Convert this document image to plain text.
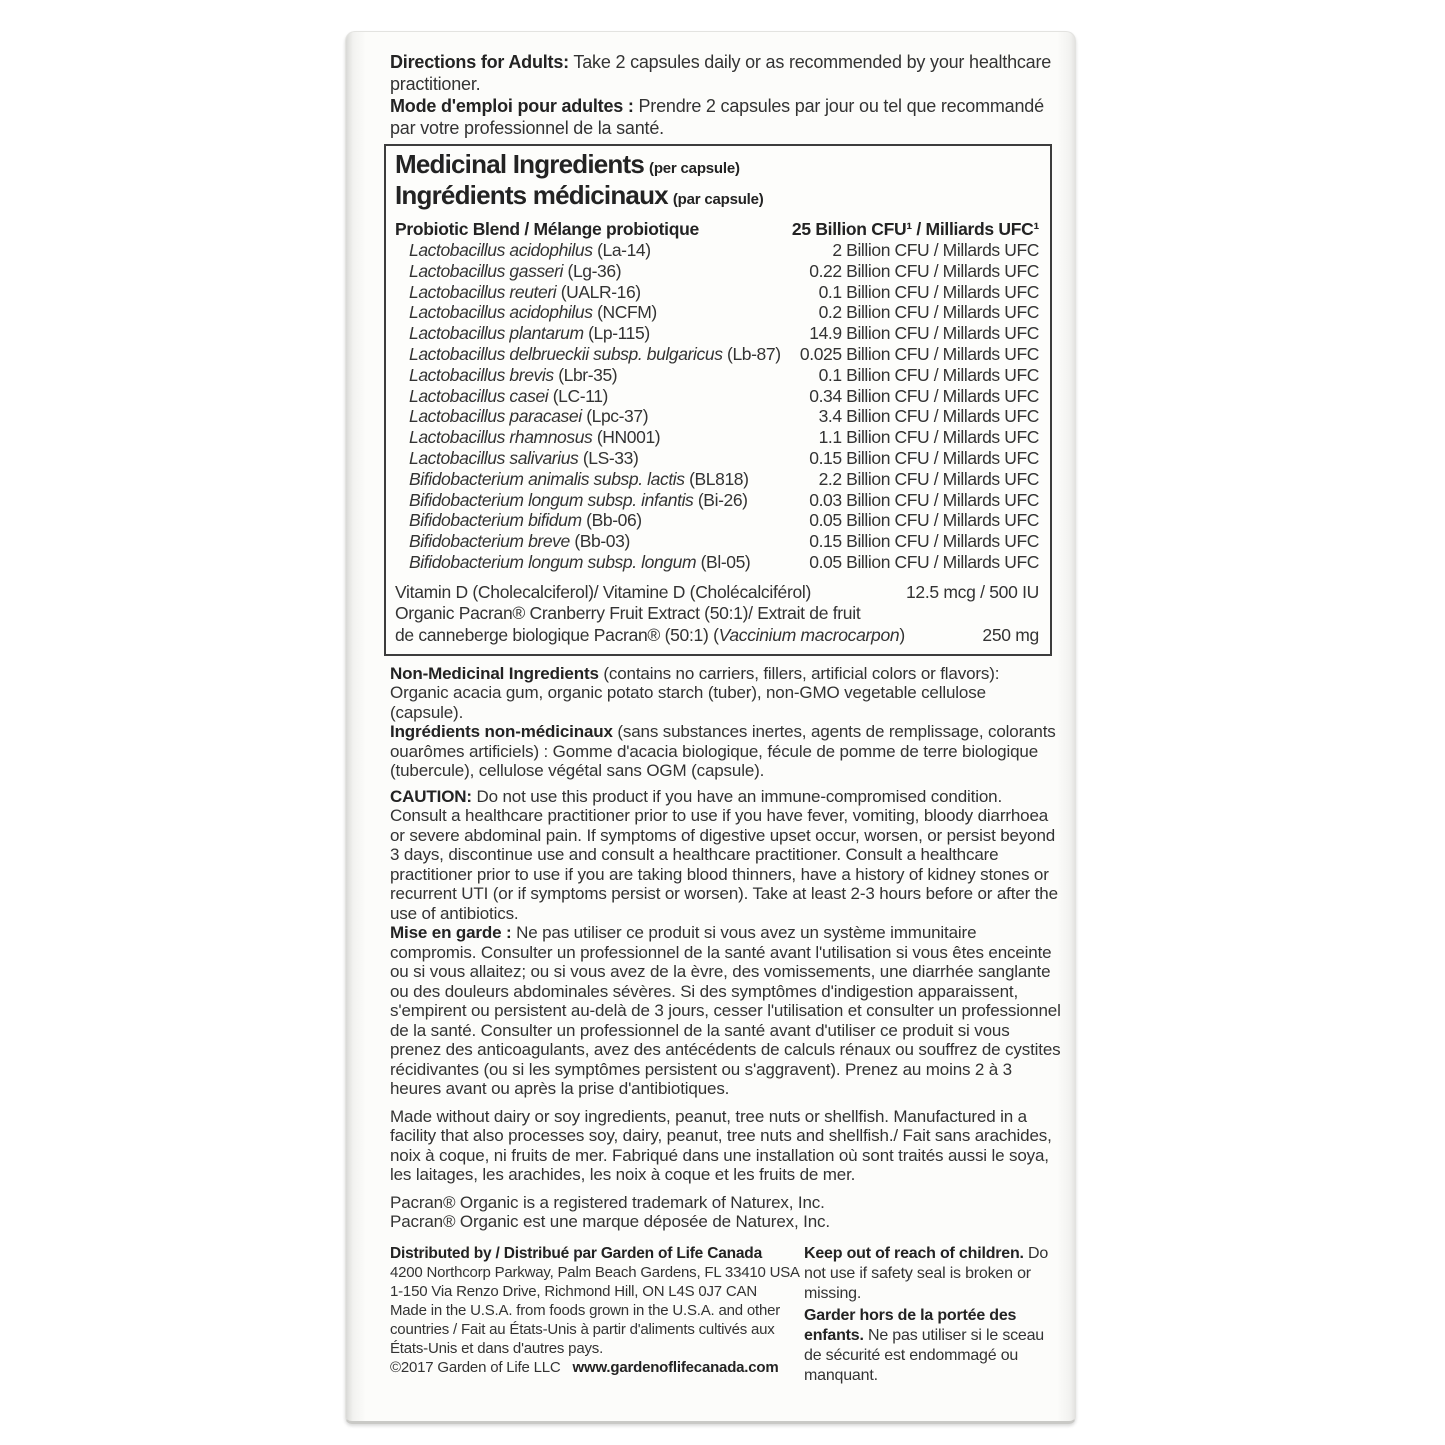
Directions for Adults: Take 2 capsules daily or as recommended by your healthcare practitioner.

Mode d'emploi pour adultes : Prendre 2 capsules par jour ou tel que recommandé par votre professionnel de la santé.

Medicinal Ingredients (per capsule)
Ingrédients médicinaux (par capsule)
Probiotic Blend / Mélange probiotique	25 Billion CFU¹ / Milliards UFC¹
Lactobacillus acidophilus (La-14)	2 Billion CFU / Millards UFC
Lactobacillus gasseri (Lg-36)	0.22 Billion CFU / Millards UFC
Lactobacillus reuteri (UALR-16)	0.1 Billion CFU / Millards UFC
Lactobacillus acidophilus (NCFM)	0.2 Billion CFU / Millards UFC
Lactobacillus plantarum (Lp-115)	14.9 Billion CFU / Millards UFC
Lactobacillus delbrueckii subsp. bulgaricus (Lb-87)	0.025 Billion CFU / Millards UFC
Lactobacillus brevis (Lbr-35)	0.1 Billion CFU / Millards UFC
Lactobacillus casei (LC-11)	0.34 Billion CFU / Millards UFC
Lactobacillus paracasei (Lpc-37)	3.4 Billion CFU / Millards UFC
Lactobacillus rhamnosus (HN001)	1.1 Billion CFU / Millards UFC
Lactobacillus salivarius (LS-33)	0.15 Billion CFU / Millards UFC
Bifidobacterium animalis subsp. lactis (BL818)	2.2 Billion CFU / Millards UFC
Bifidobacterium longum subsp. infantis (Bi-26)	0.03 Billion CFU / Millards UFC
Bifidobacterium bifidum (Bb-06)	0.05 Billion CFU / Millards UFC
Bifidobacterium breve (Bb-03)	0.15 Billion CFU / Millards UFC
Bifidobacterium longum subsp. longum (Bl-05)	0.05 Billion CFU / Millards UFC
Vitamin D (Cholecalciferol)/ Vitamine D (Cholécalciférol)	12.5 mcg / 500 IU
Organic Pacran® Cranberry Fruit Extract (50:1)/ Extrait de fruit
de canneberge biologique Pacran® (50:1) (Vaccinium macrocarpon)	250 mg

Non-Medicinal Ingredients (contains no carriers, fillers, artificial colors or flavors): Organic acacia gum, organic potato starch (tuber), non-GMO vegetable cellulose (capsule).

Ingrédients non-médicinaux (sans substances inertes, agents de remplissage, colorants ouarômes artificiels) : Gomme d'acacia biologique, fécule de pomme de terre biologique (tubercule), cellulose végétal sans OGM (capsule).

CAUTION: Do not use this product if you have an immune-compromised condition. Consult a healthcare practitioner prior to use if you have fever, vomiting, bloody diarrhoea or severe abdominal pain. If symptoms of digestive upset occur, worsen, or persist beyond 3 days, discontinue use and consult a healthcare practitioner. Consult a healthcare practitioner prior to use if you are taking blood thinners, have a history of kidney stones or recurrent UTI (or if symptoms persist or worsen). Take at least 2-3 hours before or after the use of antibiotics.

Mise en garde : Ne pas utiliser ce produit si vous avez un système immunitaire compromis. Consulter un professionnel de la santé avant l'utilisation si vous êtes enceinte ou si vous allaitez; ou si vous avez de la èvre, des vomissements, une diarrhée sanglante ou des douleurs abdominales sévères. Si des symptômes d'indigestion apparaissent, s'empirent ou persistent au-delà de 3 jours, cesser l'utilisation et consulter un professionnel de la santé. Consulter un professionnel de la santé avant d'utiliser ce produit si vous prenez des anticoagulants, avez des antécédents de calculs rénaux ou souffrez de cystites récidivantes (ou si les symptômes persistent ou s'aggravent). Prenez au moins 2 à 3 heures avant ou après la prise d'antibiotiques.

Made without dairy or soy ingredients, peanut, tree nuts or shellfish. Manufactured in a facility that also processes soy, dairy, peanut, tree nuts and shellfish./ Fait sans arachides, noix à coque, ni fruits de mer. Fabriqué dans une installation où sont traités aussi le soya, les laitages, les arachides, les noix à coque et les fruits de mer.

Pacran® Organic is a registered trademark of Naturex, Inc.

Pacran® Organic est une marque déposée de Naturex, Inc.

Distributed by / Distribué par Garden of Life Canada

4200 Northcorp Parkway, Palm Beach Gardens, FL 33410 USA

1-150 Via Renzo Drive, Richmond Hill, ON L4S 0J7 CAN

Made in the U.S.A. from foods grown in the U.S.A. and other countries / Fait au États-Unis à partir d'aliments cultivés aux États-Unis et dans d'autres pays.

©2017 Garden of Life LLC www.gardenoflifecanada.com

Keep out of reach of children. Do not use if safety seal is broken or missing.

Garder hors de la portée des enfants. Ne pas utiliser si le sceau de sécurité est endommagé ou manquant.
